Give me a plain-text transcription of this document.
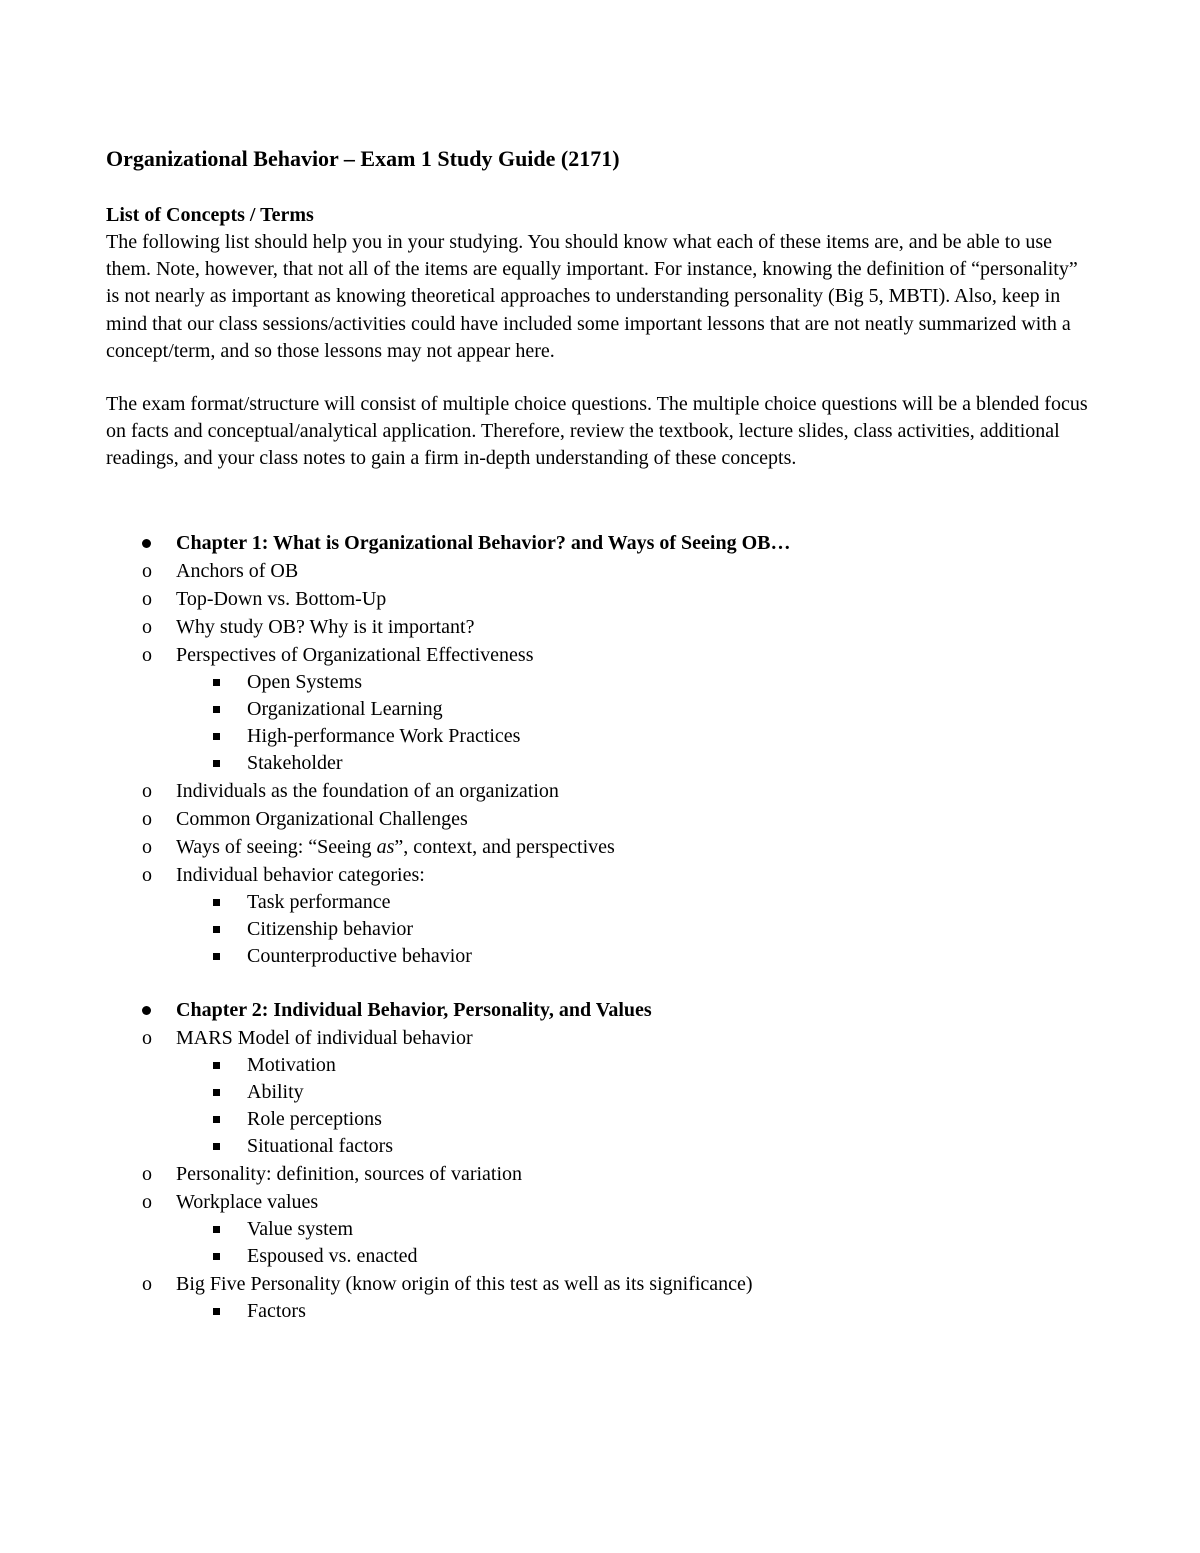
Organizational Behavior – Exam 1 Study Guide (2171)
List of Concepts / Terms

The following list should help you in your studying. You should know what each of these items are, and be able to use them. Note, however, that not all of the items are equally important. For instance, knowing the definition of “personality” is not nearly as important as knowing theoretical approaches to understanding personality (Big 5, MBTI). Also, keep in mind that our class sessions/activities could have included some important lessons that are not neatly summarized with a concept/term, and so those lessons may not appear here.

The exam format/structure will consist of multiple choice questions. The multiple choice questions will be a blended focus on facts and conceptual/analytical application. Therefore, review the textbook, lecture slides, class activities, additional readings, and your class notes to gain a firm in-depth understanding of these concepts.

Chapter 1: What is Organizational Behavior? and Ways of Seeing OB…
o Anchors of OB
o Top-Down vs. Bottom-Up
o Why study OB? Why is it important?
o Perspectives of Organizational Effectiveness
Open Systems
Organizational Learning
High-performance Work Practices
Stakeholder
o Individuals as the foundation of an organization
o Common Organizational Challenges
o Ways of seeing: “Seeing as”, context, and perspectives
o Individual behavior categories:
Task performance
Citizenship behavior
Counterproductive behavior
Chapter 2: Individual Behavior, Personality, and Values
o MARS Model of individual behavior
Motivation
Ability
Role perceptions
Situational factors
o Personality: definition, sources of variation
o Workplace values
Value system
Espoused vs. enacted
o Big Five Personality (know origin of this test as well as its significance)
Factors
